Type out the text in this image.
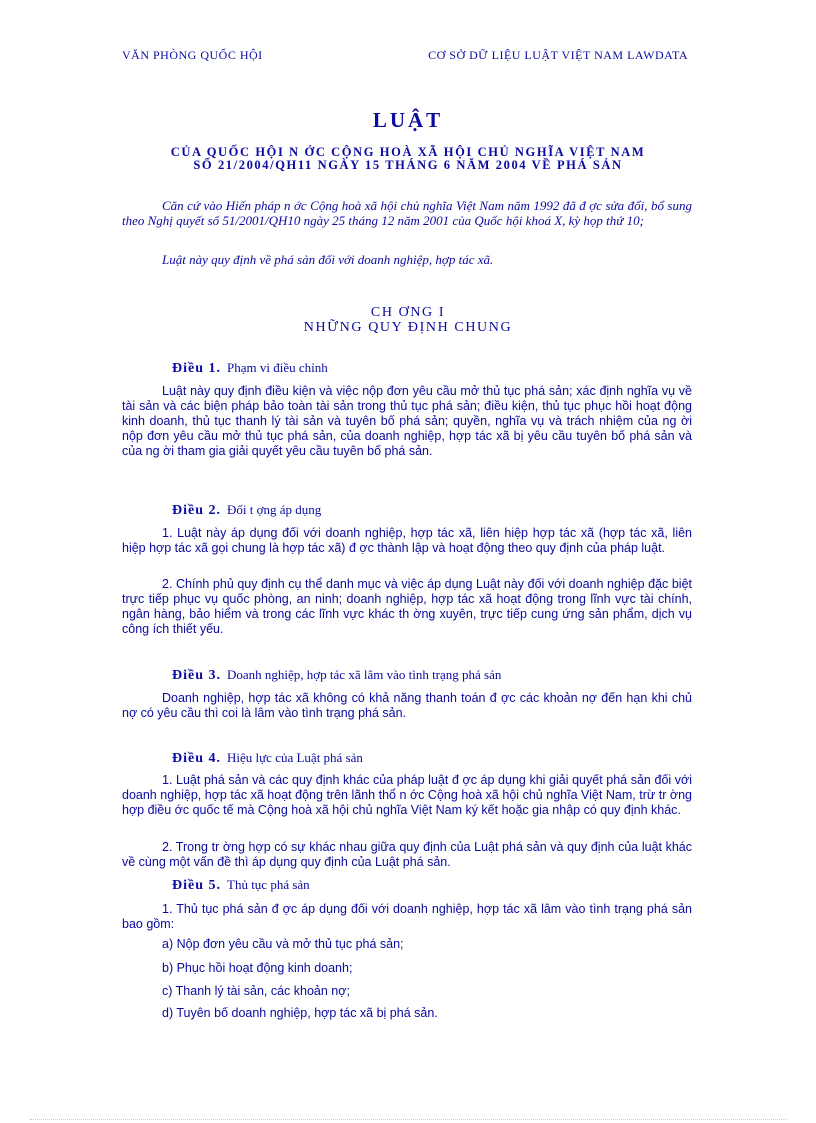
VĂN PHÒNG QUỐC HỘI	CƠ SỞ DỮ LIỆU LUẬT VIỆT NAM LAWDATA
LUẬT
CỦA QUỐC HỘI N ỚC CỘNG HOÀ XÃ HỘI CHỦ NGHĨA VIỆT NAM
SỐ 21/2004/QH11 NGÀY 15 THÁNG 6 NĂM 2004 VỀ PHÁ SẢN
Căn cứ vào Hiến pháp n ớc Cộng hoà xã hội chủ nghĩa Việt Nam năm 1992 đã đ ợc sửa đổi, bổ sung theo Nghị quyết số 51/2001/QH10 ngày 25 tháng 12 năm 2001 của Quốc hội khoá X, kỳ họp thứ 10;
Luật này quy định về phá sản đối với doanh nghiệp, hợp tác xã.
CH ƠNG I
NHỮNG QUY ĐỊNH CHUNG
Điều 1. Phạm vi điều chỉnh
Luật này quy định điều kiện và việc nộp đơn yêu cầu mở thủ tục phá sản; xác định nghĩa vụ về tài sản và các biện pháp bảo toàn tài sản trong thủ tục phá sản; điều kiện, thủ tục phục hồi hoạt động kinh doanh, thủ tục thanh lý tài sản và tuyên bố phá sản; quyền, nghĩa vụ và trách nhiệm của ng ời nộp đơn yêu cầu mở thủ tục phá sản, của doanh nghiệp, hợp tác xã bị yêu cầu tuyên bố phá sản và của ng ời tham gia giải quyết yêu cầu tuyên bố phá sản.
Điều 2. Đối t ợng áp dụng
1. Luật này áp dụng đối với doanh nghiệp, hợp tác xã, liên hiệp hợp tác xã (hợp tác xã, liên hiệp hợp tác xã gọi chung là hợp tác xã) đ ợc thành lập và hoạt động theo quy định của pháp luật.
2. Chính phủ quy định cụ thể danh mục và việc áp dụng Luật này đối với doanh nghiệp đặc biệt trực tiếp phục vụ quốc phòng, an ninh; doanh nghiệp, hợp tác xã hoạt động trong lĩnh vực tài chính, ngân hàng, bảo hiểm và trong các lĩnh vực khác th ờng xuyên, trực tiếp cung ứng sản phẩm, dịch vụ công ích thiết yếu.
Điều 3. Doanh nghiệp, hợp tác xã lâm vào tình trạng phá sản
Doanh nghiệp, hợp tác xã không có khả năng thanh toán đ ợc các khoản nợ đến hạn khi chủ nợ có yêu cầu thì coi là lâm vào tình trạng phá sản.
Điều 4. Hiệu lực của Luật phá sản
1. Luật phá sản và các quy định khác của pháp luật đ ợc áp dụng khi giải quyết phá sản đối với doanh nghiệp, hợp tác xã hoạt động trên lãnh thổ n ớc Cộng hoà xã hội chủ nghĩa Việt Nam, trừ tr ờng hợp điều ớc quốc tế mà Cộng hoà xã hội chủ nghĩa Việt Nam ký kết hoặc gia nhập có quy định khác.
2. Trong tr ờng hợp có sự khác nhau giữa quy định của Luật phá sản và quy định của luật khác về cùng một vấn đề thì áp dụng quy định của Luật phá sản.
Điều 5. Thủ tục phá sản
1. Thủ tục phá sản đ ợc áp dụng đối với doanh nghiệp, hợp tác xã lâm vào tình trạng phá sản bao gồm:
a) Nộp đơn yêu cầu và mở thủ tục phá sản;
b) Phục hồi hoạt động kinh doanh;
c) Thanh lý tài sản, các khoản nợ;
d) Tuyên bố doanh nghiệp, hợp tác xã bị phá sản.
